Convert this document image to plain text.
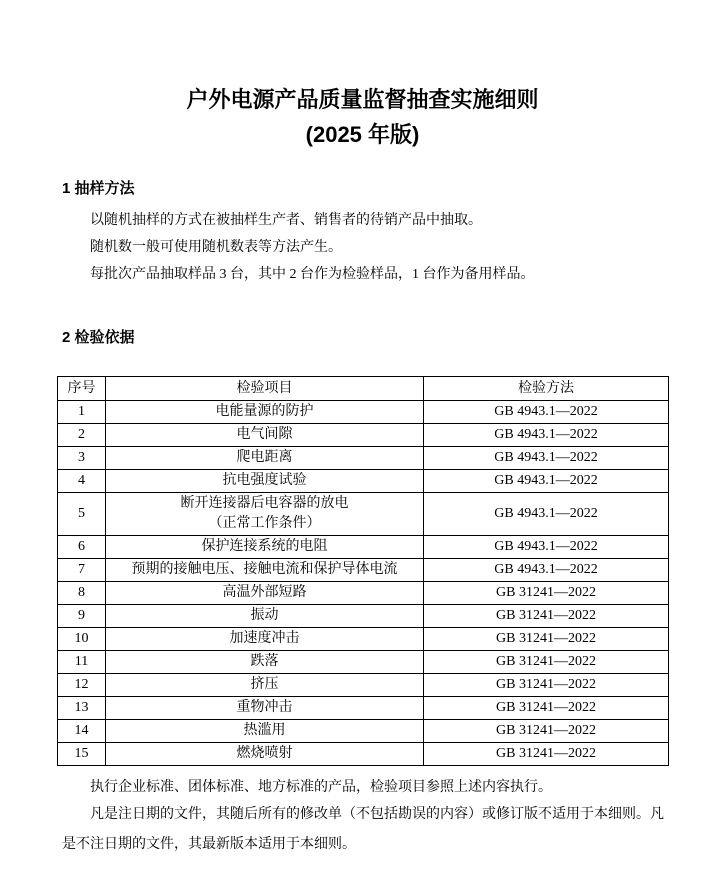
户外电源产品质量监督抽查实施细则
(2025 年版)
1 抽样方法
以随机抽样的方式在被抽样生产者、销售者的待销产品中抽取。
随机数一般可使用随机数表等方法产生。
每批次产品抽取样品 3 台，其中 2 台作为检验样品，1 台作为备用样品。
2 检验依据
序号	检验项目	检验方法
1	电能量源的防护	GB 4943.1—2022
2	电气间隙	GB 4943.1—2022
3	爬电距离	GB 4943.1—2022
4	抗电强度试验	GB 4943.1—2022
5	断开连接器后电容器的放电
（正常工作条件）	GB 4943.1—2022
6	保护连接系统的电阻	GB 4943.1—2022
7	预期的接触电压、接触电流和保护导体电流	GB 4943.1—2022
8	高温外部短路	GB 31241—2022
9	振动	GB 31241—2022
10	加速度冲击	GB 31241—2022
11	跌落	GB 31241—2022
12	挤压	GB 31241—2022
13	重物冲击	GB 31241—2022
14	热滥用	GB 31241—2022
15	燃烧喷射	GB 31241—2022
执行企业标准、团体标准、地方标准的产品，检验项目参照上述内容执行。
凡是注日期的文件，其随后所有的修改单（不包括勘误的内容）或修订版不适用于本细则。凡
是不注日期的文件，其最新版本适用于本细则。
